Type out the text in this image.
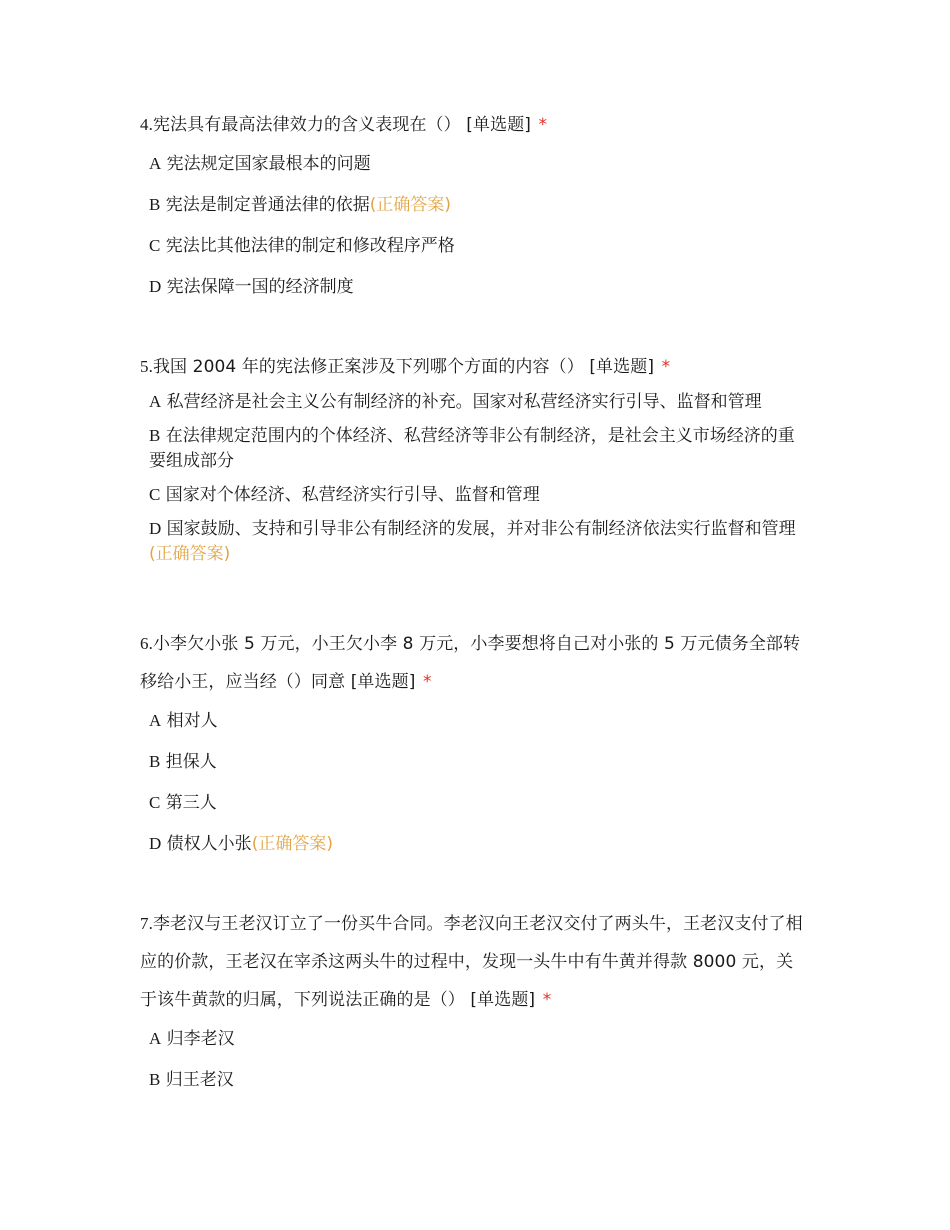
4.宪法具有最高法律效力的含义表现在（） [单选题] *

A 宪法规定国家最根本的问题
B 宪法是制定普通法律的依据(正确答案)
C 宪法比其他法律的制定和修改程序严格
D 宪法保障一国的经济制度

5.我国 2004 年的宪法修正案涉及下列哪个方面的内容（） [单选题] *

A 私营经济是社会主义公有制经济的补充。国家对私营经济实行引导、监督和管理
B 在法律规定范围内的个体经济、私营经济等非公有制经济，是社会主义市场经济的重要组成部分
C 国家对个体经济、私营经济实行引导、监督和管理
D 国家鼓励、支持和引导非公有制经济的发展，并对非公有制经济依法实行监督和管理(正确答案)

6.小李欠小张 5 万元，小王欠小李 8 万元，小李要想将自己对小张的 5 万元债务全部转移给小王，应当经（）同意 [单选题] *

A 相对人
B 担保人
C 第三人
D 债权人小张(正确答案)

7.李老汉与王老汉订立了一份买牛合同。李老汉向王老汉交付了两头牛，王老汉支付了相应的价款，王老汉在宰杀这两头牛的过程中，发现一头牛中有牛黄并得款 8000 元，关于该牛黄款的归属，下列说法正确的是（） [单选题] *

A 归李老汉
B 归王老汉
